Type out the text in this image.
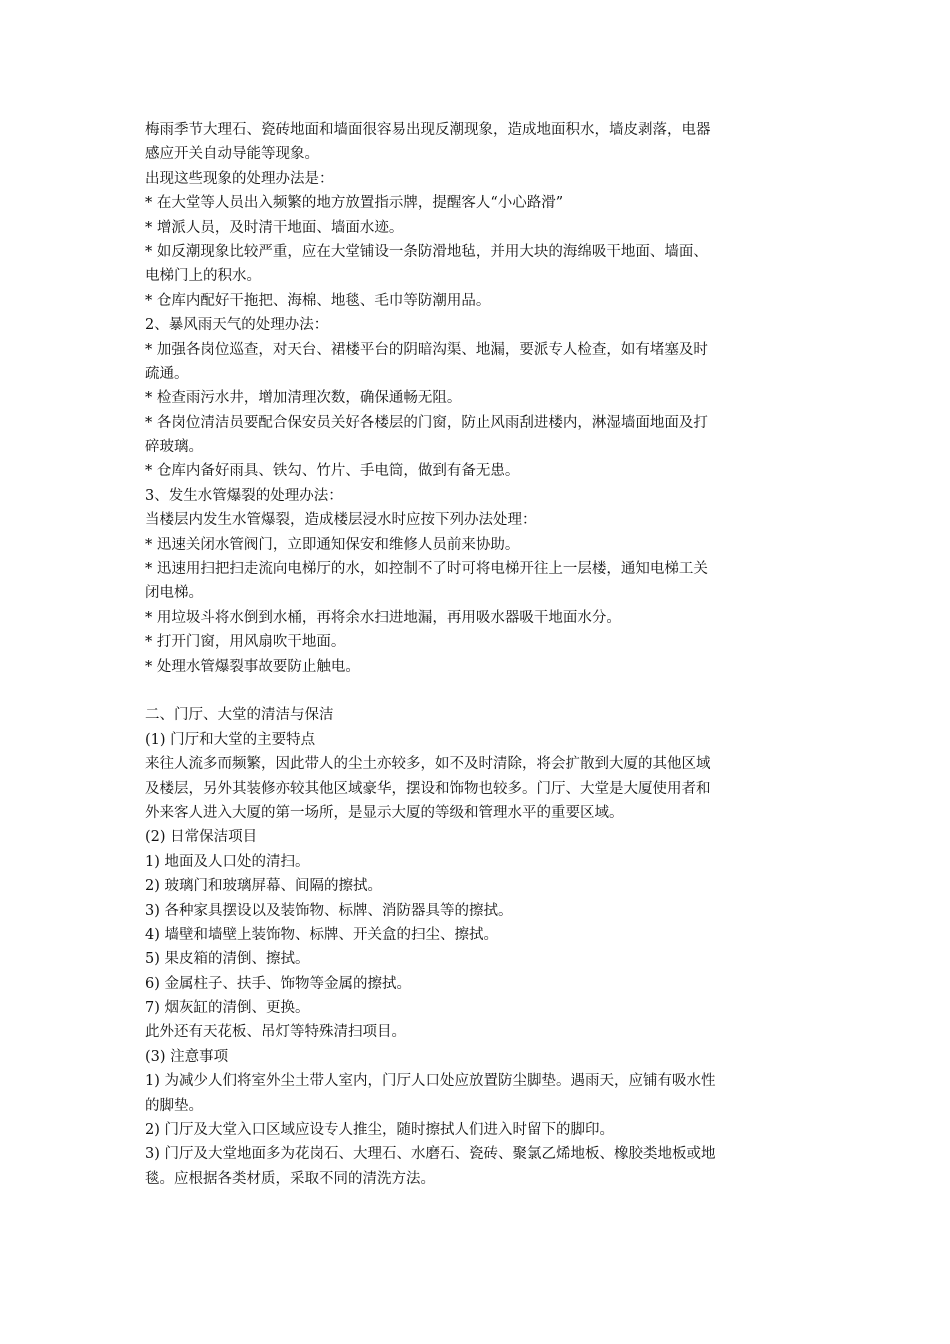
梅雨季节大理石、瓷砖地面和墙面很容易出现反潮现象，造成地面积水，墙皮剥落，电器
感应开关自动导能等现象。
出现这些现象的处理办法是：
* 在大堂等人员出入频繁的地方放置指示牌，提醒客人“小心路滑”
* 增派人员，及时清干地面、墙面水迹。
* 如反潮现象比较严重，应在大堂铺设一条防滑地毡，并用大块的海绵吸干地面、墙面、
电梯门上的积水。
* 仓库内配好干拖把、海棉、地毯、毛巾等防潮用品。
2、暴风雨天气的处理办法：
* 加强各岗位巡查，对天台、裙楼平台的阴暗沟渠、地漏，要派专人检查，如有堵塞及时
疏通。
* 检查雨污水井，增加清理次数，确保通畅无阻。
* 各岗位清洁员要配合保安员关好各楼层的门窗，防止风雨刮进楼内，淋湿墙面地面及打
碎玻璃。
* 仓库内备好雨具、铁勾、竹片、手电筒，做到有备无患。
3、发生水管爆裂的处理办法：
当楼层内发生水管爆裂，造成楼层浸水时应按下列办法处理：
* 迅速关闭水管阀门，立即通知保安和维修人员前来协助。
* 迅速用扫把扫走流向电梯厅的水，如控制不了时可将电梯开往上一层楼，通知电梯工关
闭电梯。
* 用垃圾斗将水倒到水桶，再将余水扫进地漏，再用吸水器吸干地面水分。
* 打开门窗，用风扇吹干地面。
* 处理水管爆裂事故要防止触电。
二、门厅、大堂的清洁与保洁
(1) 门厅和大堂的主要特点
来往人流多而频繁，因此带人的尘土亦较多，如不及时清除，将会扩散到大厦的其他区域
及楼层，另外其装修亦较其他区域豪华，摆设和饰物也较多。门厅、大堂是大厦使用者和
外来客人进入大厦的第一场所，是显示大厦的等级和管理水平的重要区域。
(2) 日常保洁项目
1) 地面及人口处的清扫。
2) 玻璃门和玻璃屏幕、间隔的擦拭。
3) 各种家具摆设以及装饰物、标牌、消防器具等的擦拭。
4) 墙壁和墙壁上装饰物、标牌、开关盒的扫尘、擦拭。
5) 果皮箱的清倒、擦拭。
6) 金属柱子、扶手、饰物等金属的擦拭。
7) 烟灰缸的清倒、更换。
此外还有天花板、吊灯等特殊清扫项目。
(3) 注意事项
1) 为减少人们将室外尘土带人室内，门厅人口处应放置防尘脚垫。遇雨天，应铺有吸水性
的脚垫。
2) 门厅及大堂入口区域应设专人推尘，随时擦拭人们进入时留下的脚印。
3) 门厅及大堂地面多为花岗石、大理石、水磨石、瓷砖、聚氯乙烯地板、橡胶类地板或地
毯。应根据各类材质，采取不同的清洗方法。
